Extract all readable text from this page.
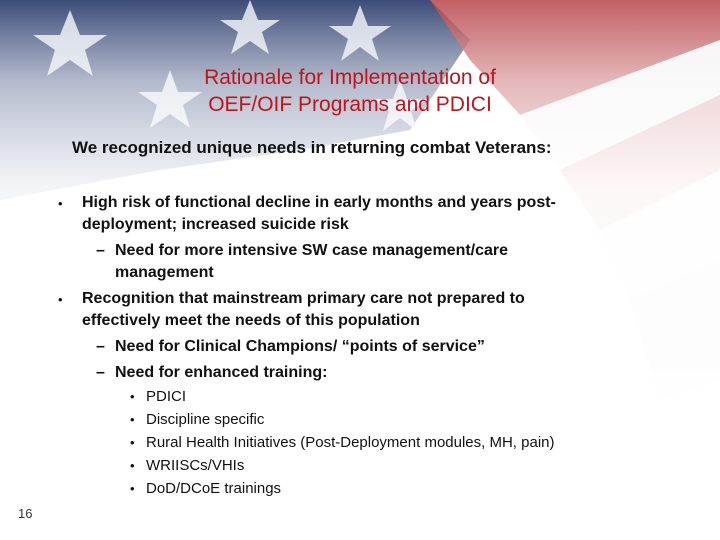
Rationale for Implementation of
OEF/OIF Programs and PDICI
We recognized unique needs in returning combat Veterans:
• High risk of functional decline in early months and years post-
deployment; increased suicide risk
– Need for more intensive SW case management/care
management
• Recognition that mainstream primary care not prepared to
effectively meet the needs of this population
– Need for Clinical Champions/ “points of service”
– Need for enhanced training:
• PDICI
• Discipline specific
• Rural Health Initiatives (Post-Deployment modules, MH, pain)
• WRIISCs/VHIs
• DoD/DCoE trainings
16
